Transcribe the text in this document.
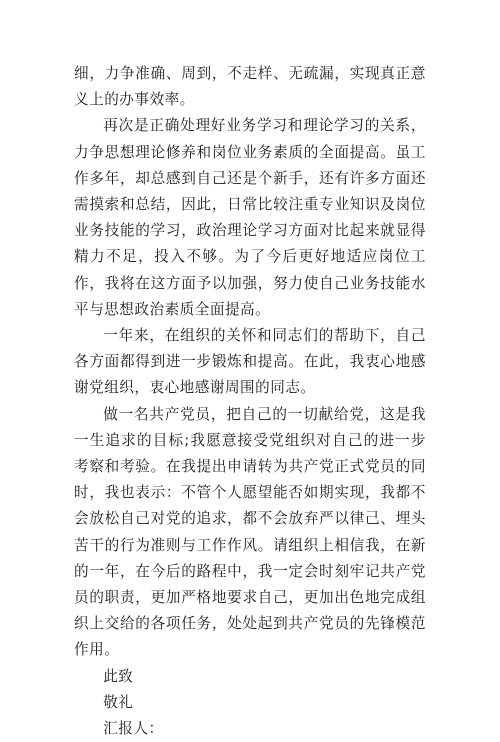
细，力争准确、周到，不走样、无疏漏，实现真正意义上的办事效率。

再次是正确处理好业务学习和理论学习的关系，力争思想理论修养和岗位业务素质的全面提高。虽工作多年，却总感到自己还是个新手，还有许多方面还需摸索和总结，因此，日常比较注重专业知识及岗位业务技能的学习，政治理论学习方面对比起来就显得精力不足，投入不够。为了今后更好地适应岗位工作，我将在这方面予以加强，努力使自己业务技能水平与思想政治素质全面提高。

一年来，在组织的关怀和同志们的帮助下，自己各方面都得到进一步锻炼和提高。在此，我衷心地感谢党组织，衷心地感谢周围的同志。

做一名共产党员，把自己的一切献给党，这是我一生追求的目标;我愿意接受党组织对自己的进一步考察和考验。在我提出申请转为共产党正式党员的同时，我也表示：不管个人愿望能否如期实现，我都不会放松自己对党的追求，都不会放弃严以律己、埋头苦干的行为准则与工作作风。请组织上相信我，在新的一年，在今后的路程中，我一定会时刻牢记共产党员的职责，更加严格地要求自己，更加出色地完成组织上交给的各项任务，处处起到共产党员的先锋模范作用。

此致

敬礼

汇报人：
